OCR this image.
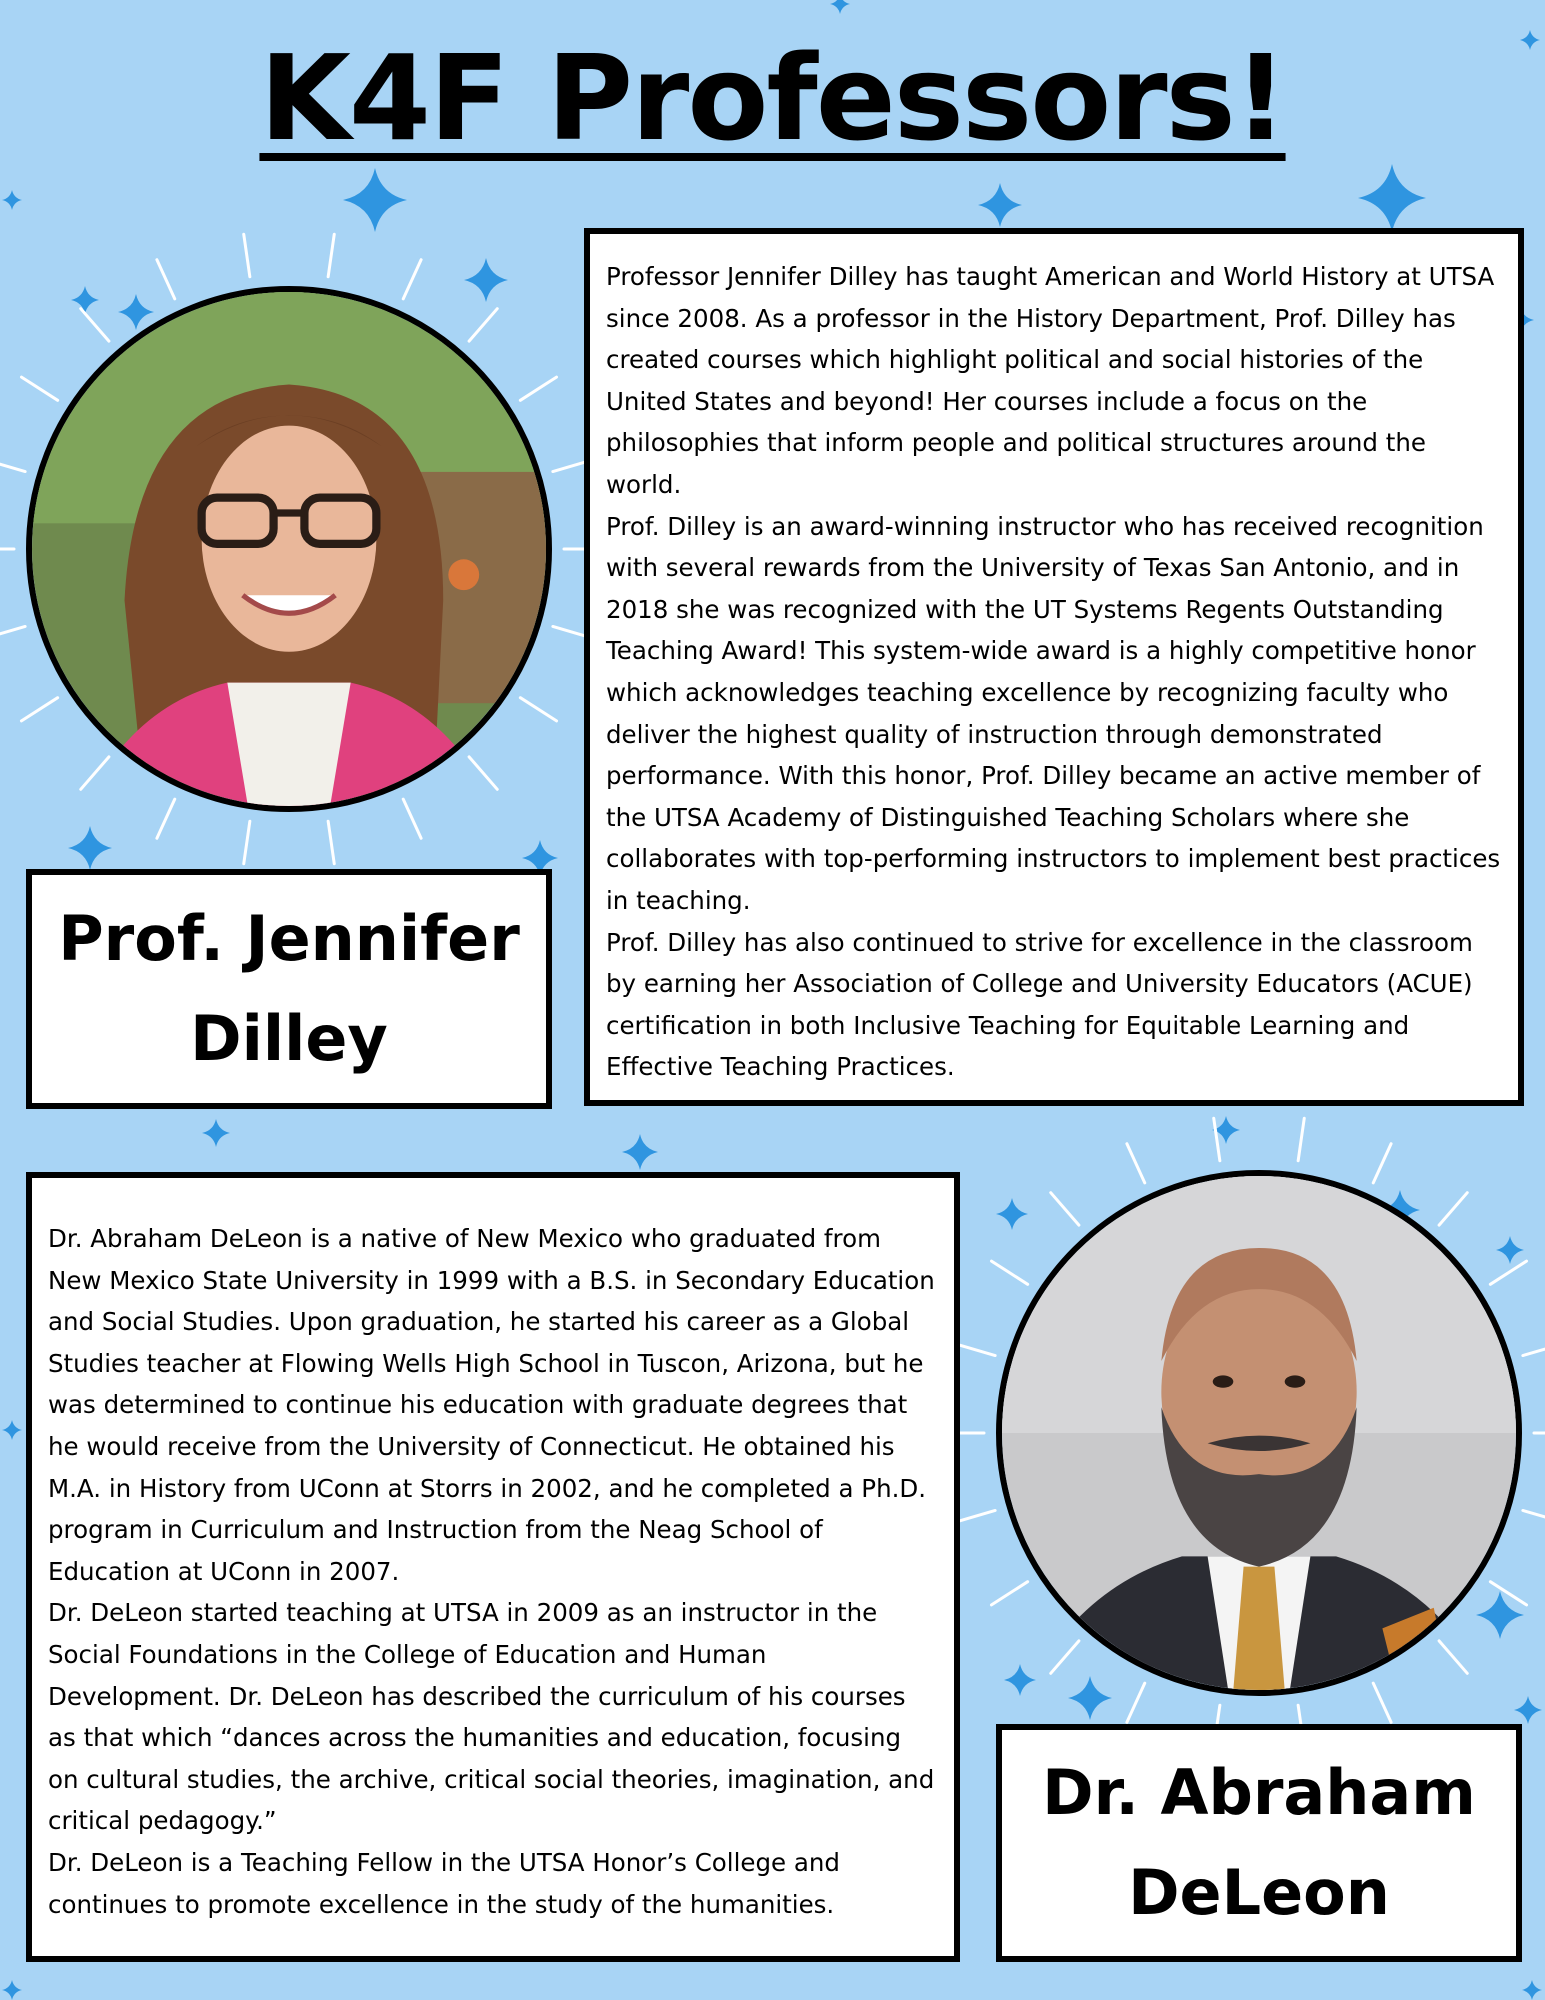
K4F Professors!
Prof. Jennifer
Dilley

Professor Jennifer Dilley has taught American and World History at UTSA since 2008. As a professor in the History Department, Prof. Dilley has created courses which highlight political and social histories of the United States and beyond! Her courses include a focus on the philosophies that inform people and political structures around the world.

Prof. Dilley is an award-winning instructor who has received recognition with several rewards from the University of Texas San Antonio, and in 2018 she was recognized with the UT Systems Regents Outstanding Teaching Award! This system-wide award is a highly competitive honor which acknowledges teaching excellence by recognizing faculty who deliver the highest quality of instruction through demonstrated performance. With this honor, Prof. Dilley became an active member of the UTSA Academy of Distinguished Teaching Scholars where she collaborates with top-performing instructors to implement best practices in teaching.

Prof. Dilley has also continued to strive for excellence in the classroom by earning her Association of College and University Educators (ACUE) certification in both Inclusive Teaching for Equitable Learning and Effective Teaching Practices.

Dr. Abraham DeLeon is a native of New Mexico who graduated from New Mexico State University in 1999 with a B.S. in Secondary Education and Social Studies. Upon graduation, he started his career as a Global Studies teacher at Flowing Wells High School in Tuscon, Arizona, but he was determined to continue his education with graduate degrees that he would receive from the University of Connecticut. He obtained his M.A. in History from UConn at Storrs in 2002, and he completed a Ph.D. program in Curriculum and Instruction from the Neag School of Education at UConn in 2007.

Dr. DeLeon started teaching at UTSA in 2009 as an instructor in the Social Foundations in the College of Education and Human Development. Dr. DeLeon has described the curriculum of his courses as that which “dances across the humanities and education, focusing on cultural studies, the archive, critical social theories, imagination, and critical pedagogy.”

Dr. DeLeon is a Teaching Fellow in the UTSA Honor’s College and continues to promote excellence in the study of the humanities.

Dr. Abraham
DeLeon
